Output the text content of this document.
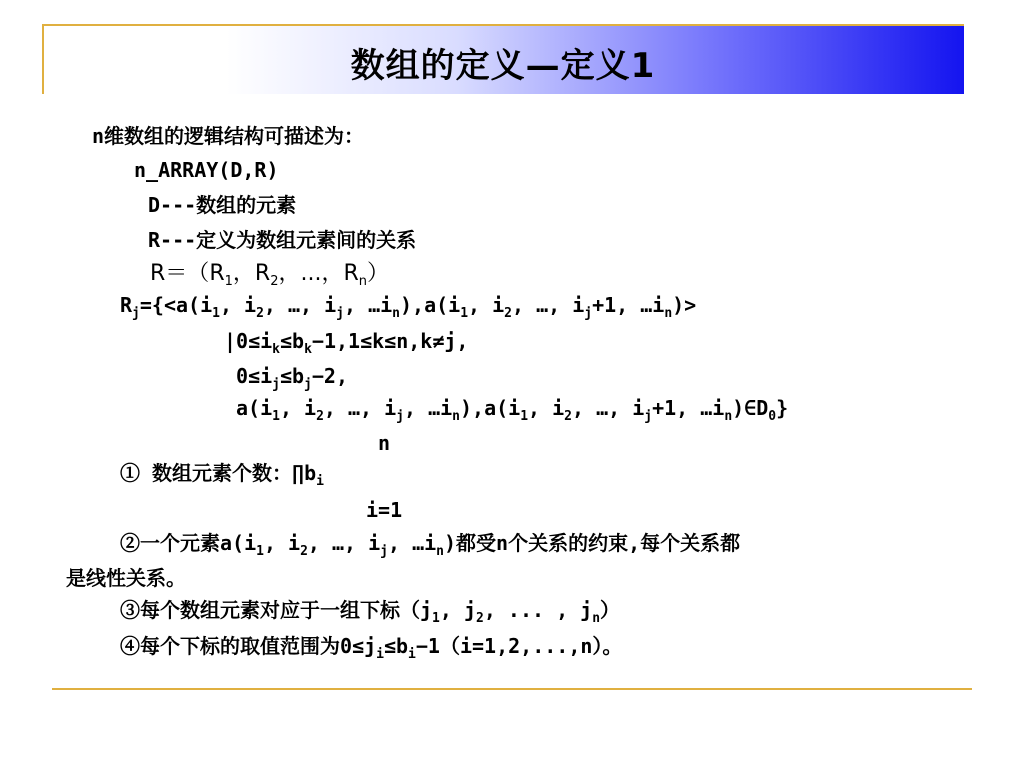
数组的定义—定义1
n维数组的逻辑结构可描述为：
n_ARRAY(D,R)
D---数组的元素
R---定义为数组元素间的关系
$R=(R_1$，$R_2$，...，$R_n$）
$R_j=\{<a(i_1$, $i_2$, …, $i_j$, $\dots i_n),a(i_1$, $i_2$, …, $i_j+1$, $\dots i_n)>$
$|0\le i_k\le b_k-1,1\le k\le n,k\ne j$,
$0\le i_j\le b_j-2$,
$a(i_1$, $i_2$, …, $i_j$, $\dots i_n),a(i_1$, $i_2$, …, $i_j+1$, $\dots i_n)\in D_0$}
n
① 数组元素个数：$\prod b_i$
i=1
②一个元素$a(i_1$, $i_2$, …, $i_j$, $\dots i_n$)都受n个关系的约束,每个关系都
是线性关系。
③每个数组元素对应于一组下标（$j_1$, $j_2$, ... , $j_n$）
④每个下标的取值范围为$0\le j_i\le b_i-1(i=1,2,...,n)$。
